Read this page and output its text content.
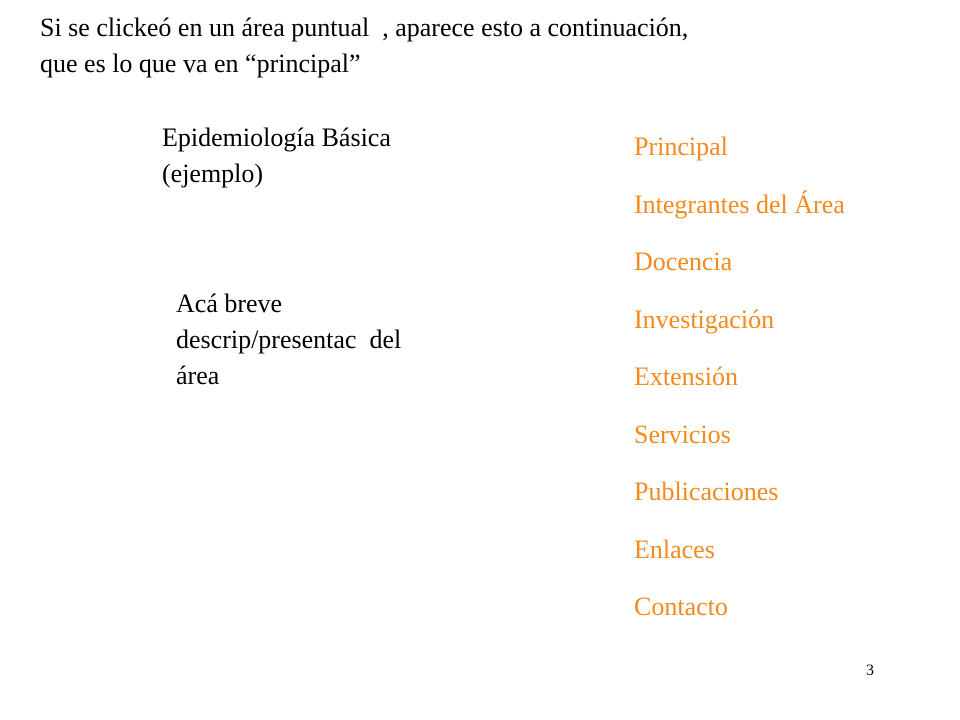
Si se clickeó en un área puntual  , aparece esto a continuación,
que es lo que va en “principal”
Epidemiología Básica
(ejemplo)
Acá breve
descrip/presentac  del
área
Principal
Integrantes del Área
Docencia
Investigación
Extensión
Servicios
Publicaciones
Enlaces
Contacto
3
